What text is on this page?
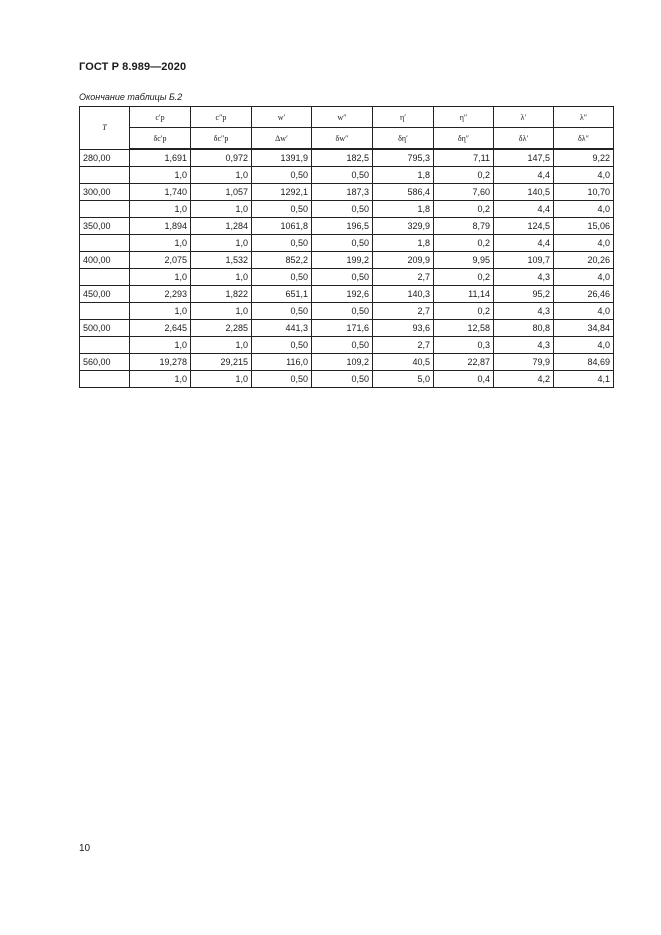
ГОСТ Р 8.989—2020
Окончание таблицы Б.2
T	c′p	c″p	w′	w″	η′	η″	λ′	λ″
	δc′p	δc″p	Δw′	δw″	δη′	δη″	δλ′	δλ″
280,00	1,691	0,972	1391,9	182,5	795,3	7,11	147,5	9,22
	1,0	1,0	0,50	0,50	1,8	0,2	4,4	4,0
300,00	1,740	1,057	1292,1	187,3	586,4	7,60	140,5	10,70
	1,0	1,0	0,50	0,50	1,8	0,2	4,4	4,0
350,00	1,894	1,284	1061,8	196,5	329,9	8,79	124,5	15,06
	1,0	1,0	0,50	0,50	1,8	0,2	4,4	4,0
400,00	2,075	1,532	852,2	199,2	209,9	9,95	109,7	20,26
	1,0	1,0	0,50	0,50	2,7	0,2	4,3	4,0
450,00	2,293	1,822	651,1	192,6	140,3	11,14	95,2	26,46
	1,0	1,0	0,50	0,50	2,7	0,2	4,3	4,0
500,00	2,645	2,285	441,3	171,6	93,6	12,58	80,8	34,84
	1,0	1,0	0,50	0,50	2,7	0,3	4,3	4,0
560,00	19,278	29,215	116,0	109,2	40,5	22,87	79,9	84,69
	1,0	1,0	0,50	0,50	5,0	0,4	4,2	4,1
10
